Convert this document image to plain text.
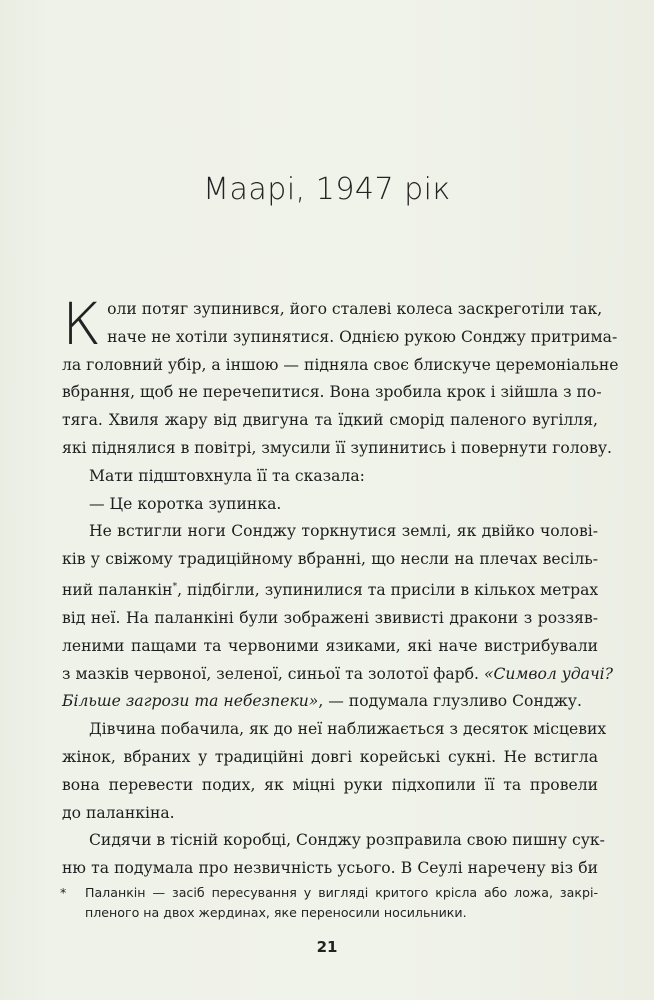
Маарі, 1947 рік
К оли потяг зупинився, його сталеві колеса заскреготіли так,
наче не хотіли зупинятися. Однією рукою Сонджу притрима-
ла головний убір, а іншою — підняла своє блискуче церемоніальне
вбрання, щоб не перечепитися. Вона зробила крок і зійшла з по-
тяга. Хвиля жару від двигуна та їдкий сморід паленого вугілля,
які піднялися в повітрі, змусили її зупинитись і повернути голову.
Мати підштовхнула її та сказала:
— Це коротка зупинка.
Не встигли ноги Сонджу торкнутися землі, як двійко чолові-
ків у свіжому традиційному вбранні, що несли на плечах весіль-
ний паланкін*, підбігли, зупинилися та присіли в кількох метрах
від неї. На паланкіні були зображені звивисті дракони з роззяв-
леними пащами та червоними язиками, які наче вистрибували
з мазків червоної, зеленої, синьої та золотої фарб. «Символ удачі?
Більше загрози та небезпеки», — подумала глузливо Сонджу.
Дівчина побачила, як до неї наближається з десяток місцевих
жінок, вбраних у традиційні довгі корейські сукні. Не встигла
вона перевести подих, як міцні руки підхопили її та провели
до паланкіна.
Сидячи в тісній коробці, Сонджу розправила свою пишну сук-
ню та подумала про незвичність усього. В Сеулі наречену віз би
*	Паланкін — засіб пересування у вигляді критого крісла або ложа, закрі-
пленого на двох жердинах, яке переносили носильники.
21
